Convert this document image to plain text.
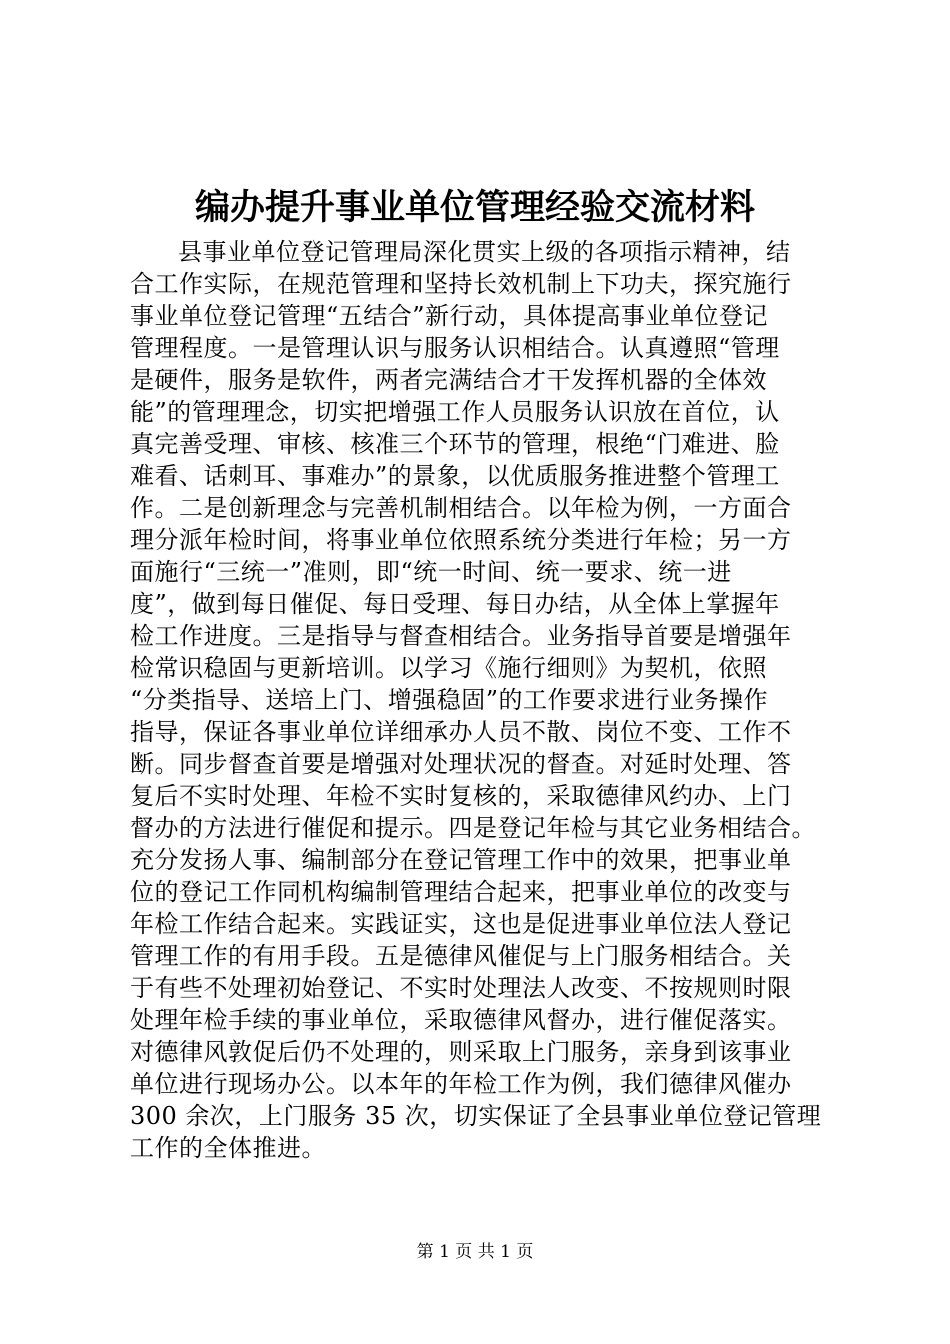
编办提升事业单位管理经验交流材料
县事业单位登记管理局深化贯实上级的各项指示精神，结
合工作实际，在规范管理和坚持长效机制上下功夫，探究施行
事业单位登记管理“五结合”新行动，具体提高事业单位登记
管理程度。一是管理认识与服务认识相结合。认真遵照“管理
是硬件，服务是软件，两者完满结合才干发挥机器的全体效
能”的管理理念，切实把增强工作人员服务认识放在首位，认
真完善受理、审核、核准三个环节的管理，根绝“门难进、脸
难看、话刺耳、事难办”的景象，以优质服务推进整个管理工
作。二是创新理念与完善机制相结合。以年检为例，一方面合
理分派年检时间，将事业单位依照系统分类进行年检；另一方
面施行“三统一”准则，即“统一时间、统一要求、统一进
度”，做到每日催促、每日受理、每日办结，从全体上掌握年
检工作进度。三是指导与督查相结合。业务指导首要是增强年
检常识稳固与更新培训。以学习《施行细则》为契机，依照
“分类指导、送培上门、增强稳固”的工作要求进行业务操作
指导，保证各事业单位详细承办人员不散、岗位不变、工作不
断。同步督查首要是增强对处理状况的督查。对延时处理、答
复后不实时处理、年检不实时复核的，采取德律风约办、上门
督办的方法进行催促和提示。四是登记年检与其它业务相结合。
充分发扬人事、编制部分在登记管理工作中的效果，把事业单
位的登记工作同机构编制管理结合起来，把事业单位的改变与
年检工作结合起来。实践证实，这也是促进事业单位法人登记
管理工作的有用手段。五是德律风催促与上门服务相结合。关
于有些不处理初始登记、不实时处理法人改变、不按规则时限
处理年检手续的事业单位，采取德律风督办，进行催促落实。
对德律风敦促后仍不处理的，则采取上门服务，亲身到该事业
单位进行现场办公。以本年的年检工作为例，我们德律风催办
300 余次，上门服务 35 次，切实保证了全县事业单位登记管理
工作的全体推进。
第 1 页 共 1 页
